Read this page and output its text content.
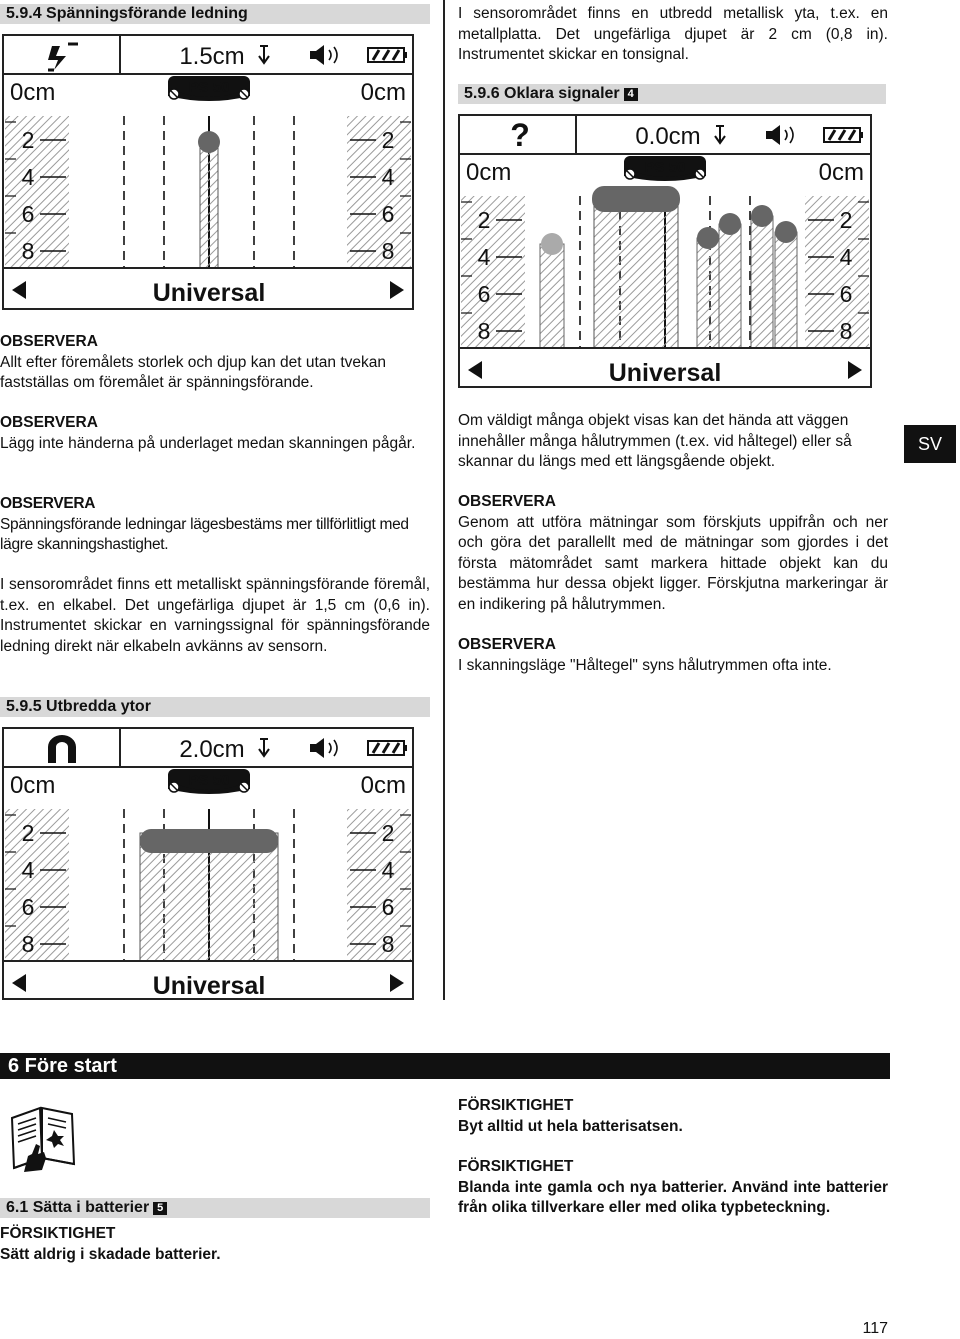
5.9.4 Spänningsförande ledning
1.5cm
0cm	0cm
PS 50
2	2
4	4
6	6
8	8
Universal
OBSERVERA
Allt efter föremålets storlek och djup kan det utan tvekan fastställas om föremålet är spänningsförande.
OBSERVERA
Lägg inte händerna på underlaget medan skanningen pågår.
OBSERVERA
Spänningsförande ledningar lägesbestäms mer tillförlitligt med lägre skanningshastighet.
I sensorområdet finns ett metalliskt spänningsförande föremål, t.ex. en elkabel. Det ungefärliga djupet är 1,5 cm (0,6 in). Instrumentet skickar en varningssignal för spänningsförande ledning direkt när elkabeln avkänns av sensorn.
5.9.5 Utbredda ytor
2.0cm
0cm	0cm
PS 50
2	2
4	4
6	6
8	8
Universal
I sensorområdet finns en utbredd metallisk yta, t.ex. en metallplatta. Det ungefärliga djupet är 2 cm (0,8 in). Instrumentet skickar en tonsignal.
5.9.6 Oklara signaler 4
?	0.0cm
0cm	0cm
PS 50
2	2
4	4
6	6
8	8
Universal
Om väldigt många objekt visas kan det hända att väggen innehåller många hålutrymmen (t.ex. vid håltegel) eller så skannar du längs med ett längsgående objekt.
SV
OBSERVERA
Genom att utföra mätningar som förskjuts uppifrån och ner och göra det parallellt med de mätningar som gjordes i det första mätområdet samt markera hittade objekt kan du bestämma hur dessa objekt ligger. Förskjutna markeringar är en indikering på hålutrymmen.
OBSERVERA
I skanningsläge "Håltegel" syns hålutrymmen ofta inte.
6 Före start
6.1 Sätta i batterier 5
FÖRSIKTIGHET
Sätt aldrig i skadade batterier.
FÖRSIKTIGHET
Byt alltid ut hela batterisatsen.
FÖRSIKTIGHET
Blanda inte gamla och nya batterier. Använd inte batterier från olika tillverkare eller med olika typbeteckning.
117
